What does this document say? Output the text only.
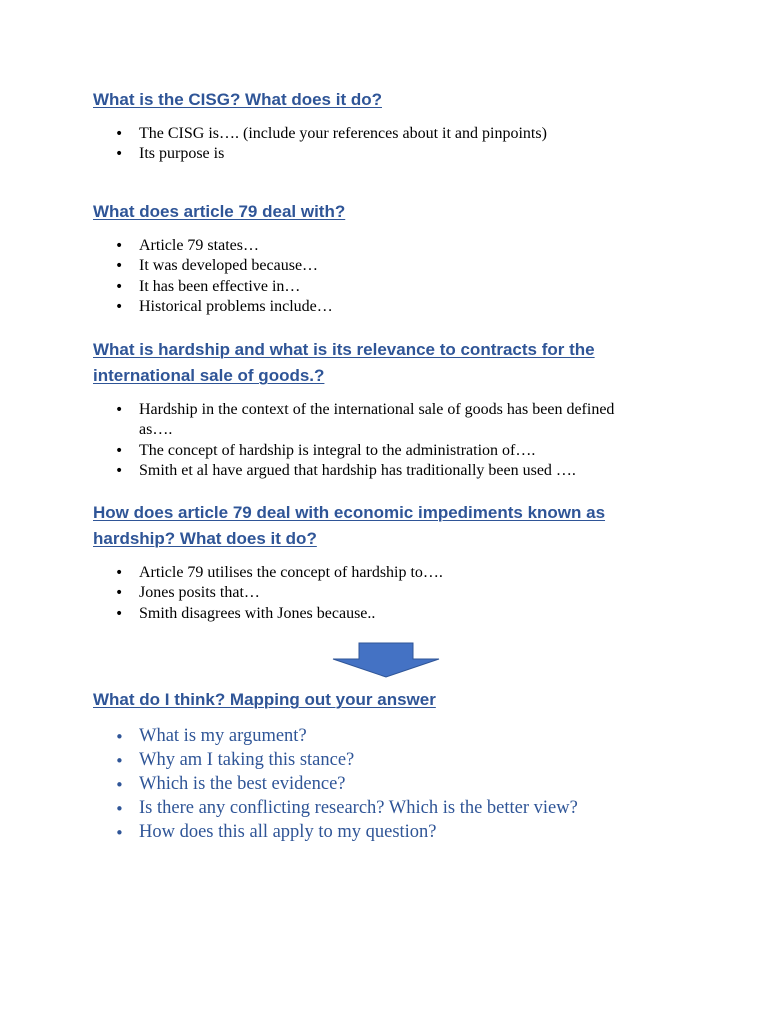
What is the CISG? What does it do?
• The CISG is…. (include your references about it and pinpoints)
• Its purpose is
What does article 79 deal with?
• Article 79 states…
• It was developed because…
• It has been effective in…
• Historical problems include…
What is hardship and what is its relevance to contracts for the international sale of goods.?
• Hardship in the context of the international sale of goods has been defined as….
• The concept of hardship is integral to the administration of….
• Smith et al have argued that hardship has traditionally been used ….
How does article 79 deal with economic impediments known as hardship? What does it do?
• Article 79 utilises the concept of hardship to….
• Jones posits that…
• Smith disagrees with Jones because..
What do I think? Mapping out your answer
• What is my argument?
• Why am I taking this stance?
• Which is the best evidence?
• Is there any conflicting research? Which is the better view?
• How does this all apply to my question?
